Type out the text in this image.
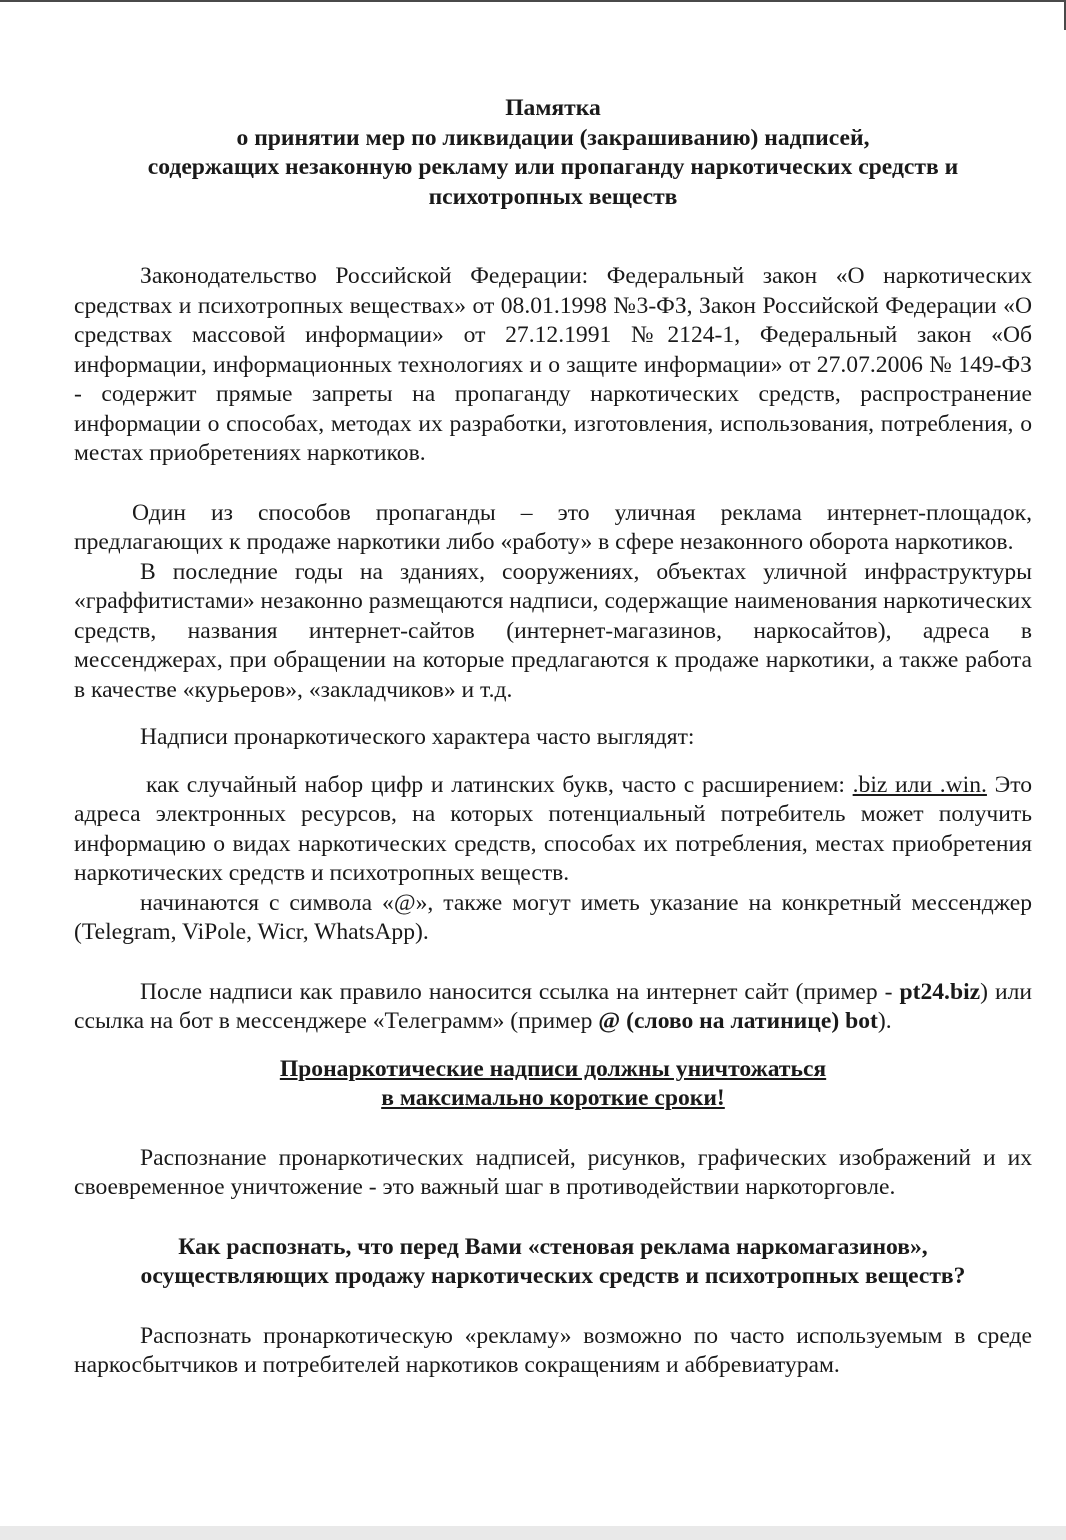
Памятка
о принятии мер по ликвидации (закрашиванию) надписей,
содержащих незаконную рекламу или пропаганду наркотических средств и
психотропных веществ

Законодательство Российской Федерации: Федеральный закон «О наркотических средствах и психотропных веществах» от 08.01.1998 №3-ФЗ, Закон Российской Федерации «О средствах массовой информации» от 27.12.1991 №2124-1, Федеральный закон «Об информации, информационных технологиях и о защите информации» от 27.07.2006 № 149-ФЗ - содержит прямые запреты на пропаганду наркотических средств, распространение информации о способах, методах их разработки, изготовления, использования, потребления, о местах приобретениях наркотиков.

Один из способов пропаганды – это уличная реклама интернет-площадок, предлагающих к продаже наркотики либо «работу» в сфере незаконного оборота наркотиков.

В последние годы на зданиях, сооружениях, объектах уличной инфраструктуры «граффитистами» незаконно размещаются надписи, содержащие наименования наркотических средств, названия интернет-сайтов (интернет-магазинов, наркосайтов), адреса в мессенджерах, при обращении на которые предлагаются к продаже наркотики, а также работа в качестве «курьеров», «закладчиков» и т.д.

Надписи пронаркотического характера часто выглядят:

как случайный набор цифр и латинских букв, часто с расширением: .biz или .win. Это адреса электронных ресурсов, на которых потенциальный потребитель может получить информацию о видах наркотических средств, способах их потребления, местах приобретения наркотических средств и психотропных веществ.

начинаются с символа «@», также могут иметь указание на конкретный мессенджер (Telegram, ViPole, Wicr, WhatsApp).

После надписи как правило наносится ссылка на интернет сайт (пример - pt24.biz) или ссылка на бот в мессенджере «Телеграмм» (пример @ (слово на латинице) bot).

Пронаркотические надписи должны уничтожаться
в максимально короткие сроки!

Распознание пронаркотических надписей, рисунков, графических изображений и их своевременное уничтожение - это важный шаг в противодействии наркоторговле.

Как распознать, что перед Вами «стеновая реклама наркомагазинов»,
осуществляющих продажу наркотических средств и психотропных веществ?

Распознать пронаркотическую «рекламу» возможно по часто используемым в среде наркосбытчиков и потребителей наркотиков сокращениям и аббревиатурам.
